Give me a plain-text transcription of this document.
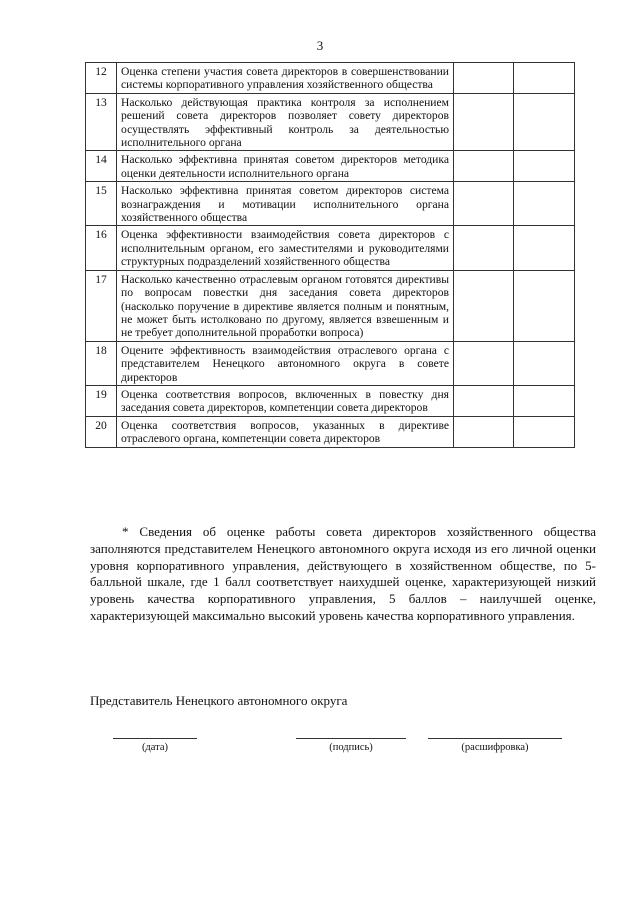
3
12	Оценка степени участия совета директоров в совершенствовании системы корпоративного управления хозяйственного общества		
13	Насколько действующая практика контроля за исполнением решений совета директоров позволяет совету директоров осуществлять эффективный контроль за деятельностью исполнительного органа		
14	Насколько эффективна принятая советом директоров методика оценки деятельности исполнительного органа		
15	Насколько эффективна принятая советом директоров система вознаграждения и мотивации исполнительного органа хозяйственного общества		
16	Оценка эффективности взаимодействия совета директоров с исполнительным органом, его заместителями и руководителями структурных подразделений хозяйственного общества		
17	Насколько качественно отраслевым органом готовятся директивы по вопросам повестки дня заседания совета директоров (насколько поручение в директиве является полным и понятным, не может быть истолковано по другому, является взвешенным и не требует дополнительной проработки вопроса)		
18	Оцените эффективность взаимодействия отраслевого органа с представителем Ненецкого автономного округа в совете директоров		
19	Оценка соответствия вопросов, включенных в повестку дня заседания совета директоров, компетенции совета директоров		
20	Оценка соответствия вопросов, указанных в директиве отраслевого органа, компетенции совета директоров		
* Сведения об оценке работы совета директоров хозяйственного общества заполняются представителем Ненецкого автономного округа исходя из его личной оценки уровня корпоративного управления, действующего в хозяйственном обществе, по 5-балльной шкале, где 1 балл соответствует наихудшей оценке, характеризующей низкий уровень качества корпоративного управления, 5 баллов – наилучшей оценке, характеризующей максимально высокий уровень качества корпоративного управления.
Представитель Ненецкого автономного округа
(дата)	(подпись)	(расшифровка)
